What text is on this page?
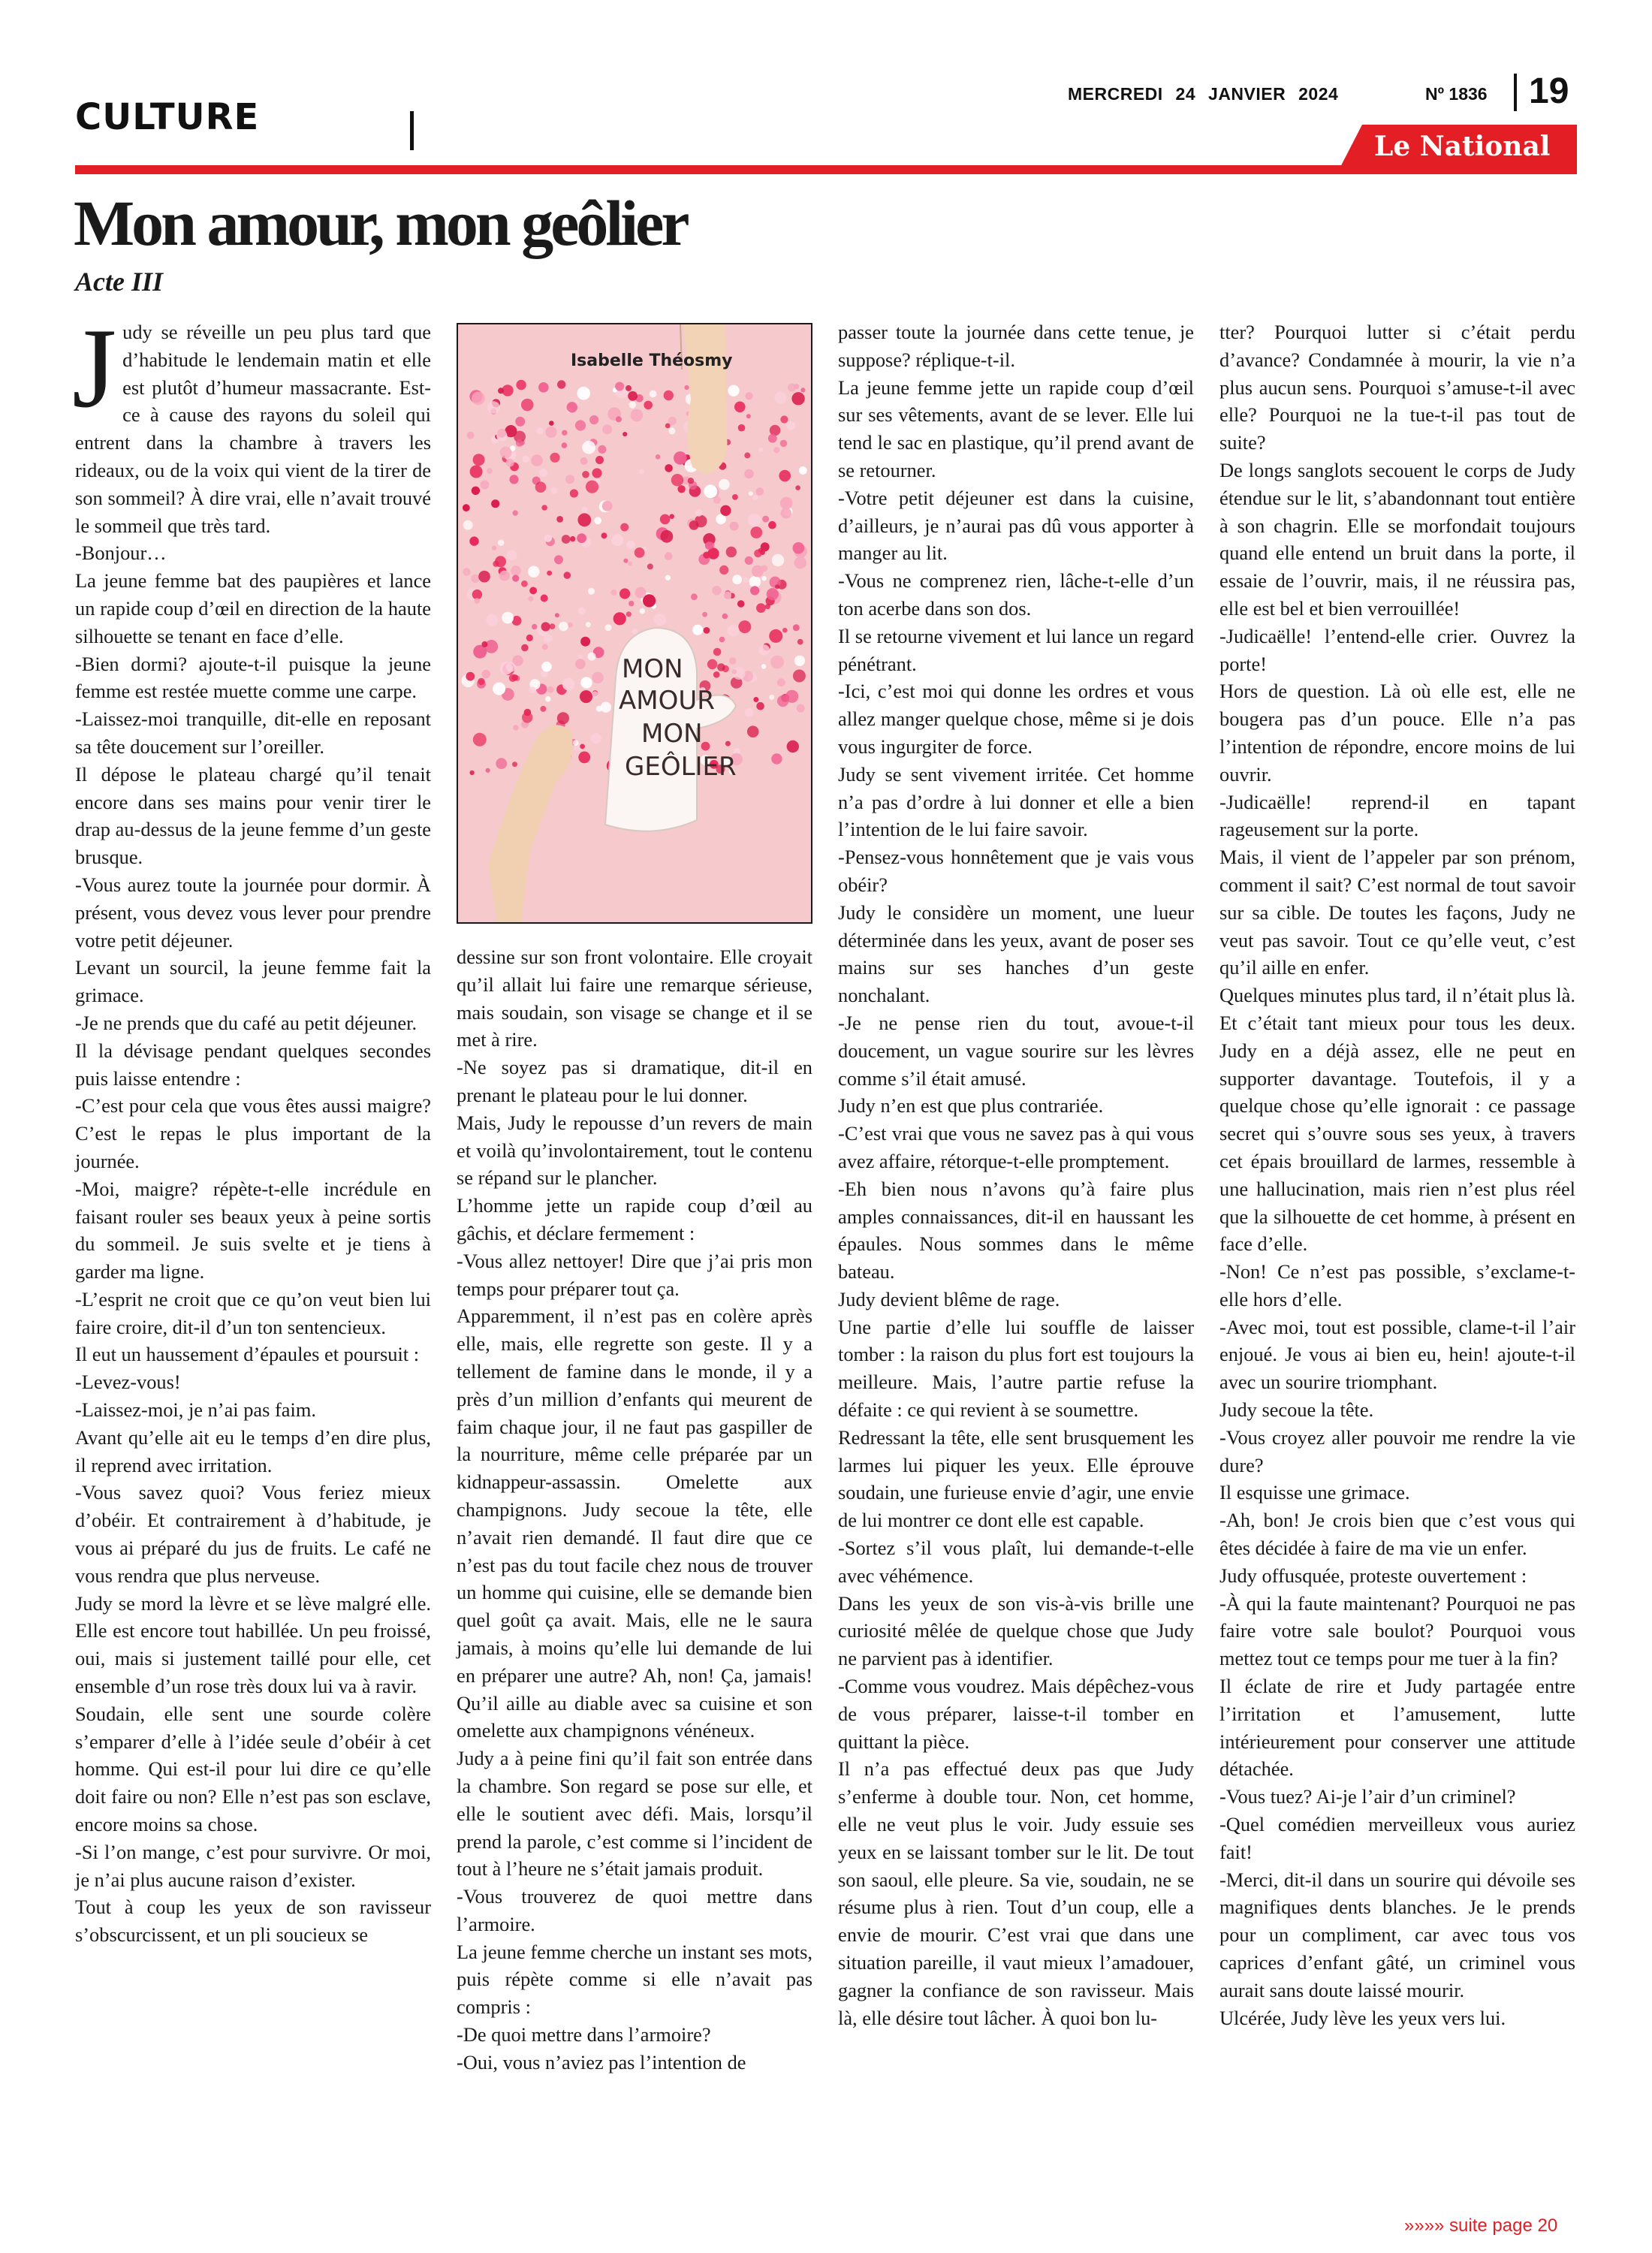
CULTURE
MERCREDI 24 JANVIER 2024	Nº 1836 19
Le National
Mon amour, mon geôlier
Acte III

Judy se réveille un peu plus tard que d’habitude le lendemain matin et elle est plutôt d’humeur massacrante. Est-ce à cause des rayons du soleil qui entrent dans la chambre à travers les rideaux, ou de la voix qui vient de la tirer de son sommeil? À dire vrai, elle n’avait trouvé le sommeil que très tard.

-Bonjour…

La jeune femme bat des paupières et lance un rapide coup d’œil en direction de la haute silhouette se tenant en face d’elle.

-Bien dormi? ajoute-t-il puisque la jeune femme est restée muette comme une carpe.

-Laissez-moi tranquille, dit-elle en reposant sa tête doucement sur l’oreiller.

Il dépose le plateau chargé qu’il tenait encore dans ses mains pour venir tirer le drap au-dessus de la jeune femme d’un geste brusque.

-Vous aurez toute la journée pour dormir. À présent, vous devez vous lever pour prendre votre petit déjeuner.

Levant un sourcil, la jeune femme fait la grimace.

-Je ne prends que du café au petit déjeuner.

Il la dévisage pendant quelques secondes puis laisse entendre :

-C’est pour cela que vous êtes aussi maigre? C’est le repas le plus important de la journée.

-Moi, maigre? répète-t-elle incrédule en faisant rouler ses beaux yeux à peine sortis du sommeil. Je suis svelte et je tiens à garder ma ligne.

-L’esprit ne croit que ce qu’on veut bien lui faire croire, dit-il d’un ton sentencieux.

Il eut un haussement d’épaules et poursuit :

-Levez-vous!

-Laissez-moi, je n’ai pas faim.

Avant qu’elle ait eu le temps d’en dire plus, il reprend avec irritation.

-Vous savez quoi? Vous feriez mieux d’obéir. Et contrairement à d’habitude, je vous ai préparé du jus de fruits. Le café ne vous rendra que plus nerveuse.

Judy se mord la lèvre et se lève malgré elle. Elle est encore tout habillée. Un peu froissé, oui, mais si justement taillé pour elle, cet ensemble d’un rose très doux lui va à ravir.

Soudain, elle sent une sourde colère s’emparer d’elle à l’idée seule d’obéir à cet homme. Qui est-il pour lui dire ce qu’elle doit faire ou non? Elle n’est pas son esclave, encore moins sa chose.

-Si l’on mange, c’est pour survivre. Or moi, je n’ai plus aucune raison d’exister.

Tout à coup les yeux de son ravisseur s’obscurcissent, et un pli soucieux se

MON
AMOUR
MON
GEÔLIER
Isabelle Théosmy

dessine sur son front volontaire. Elle croyait qu’il allait lui faire une remarque sérieuse, mais soudain, son visage se change et il se met à rire.

-Ne soyez pas si dramatique, dit-il en prenant le plateau pour le lui donner.

Mais, Judy le repousse d’un revers de main et voilà qu’involontairement, tout le contenu se répand sur le plancher.

L’homme jette un rapide coup d’œil au gâchis, et déclare fermement :

-Vous allez nettoyer! Dire que j’ai pris mon temps pour préparer tout ça.

Apparemment, il n’est pas en colère après elle, mais, elle regrette son geste. Il y a tellement de famine dans le monde, il y a près d’un million d’enfants qui meurent de faim chaque jour, il ne faut pas gaspiller de la nourriture, même celle préparée par un kidnappeur-assassin. Omelette aux champignons. Judy secoue la tête, elle n’avait rien demandé. Il faut dire que ce n’est pas du tout facile chez nous de trouver un homme qui cuisine, elle se demande bien quel goût ça avait. Mais, elle ne le saura jamais, à moins qu’elle lui demande de lui en préparer une autre? Ah, non! Ça, jamais! Qu’il aille au diable avec sa cuisine et son omelette aux champignons vénéneux.

Judy a à peine fini qu’il fait son entrée dans la chambre. Son regard se pose sur elle, et elle le soutient avec défi. Mais, lorsqu’il prend la parole, c’est comme si l’incident de tout à l’heure ne s’était jamais produit.

-Vous trouverez de quoi mettre dans l’armoire.

La jeune femme cherche un instant ses mots, puis répète comme si elle n’avait pas compris :

-De quoi mettre dans l’armoire?

-Oui, vous n’aviez pas l’intention de

passer toute la journée dans cette tenue, je suppose? réplique-t-il.

La jeune femme jette un rapide coup d’œil sur ses vêtements, avant de se lever. Elle lui tend le sac en plastique, qu’il prend avant de se retourner.

-Votre petit déjeuner est dans la cuisine, d’ailleurs, je n’aurai pas dû vous apporter à manger au lit.

-Vous ne comprenez rien, lâche-t-elle d’un ton acerbe dans son dos.

Il se retourne vivement et lui lance un regard pénétrant.

-Ici, c’est moi qui donne les ordres et vous allez manger quelque chose, même si je dois vous ingurgiter de force.

Judy se sent vivement irritée. Cet homme n’a pas d’ordre à lui donner et elle a bien l’intention de le lui faire savoir.

-Pensez-vous honnêtement que je vais vous obéir?

Judy le considère un moment, une lueur déterminée dans les yeux, avant de poser ses mains sur ses hanches d’un geste nonchalant.

-Je ne pense rien du tout, avoue-t-il doucement, un vague sourire sur les lèvres comme s’il était amusé.

Judy n’en est que plus contrariée.

-C’est vrai que vous ne savez pas à qui vous avez affaire, rétorque-t-elle promptement.

-Eh bien nous n’avons qu’à faire plus amples connaissances, dit-il en haussant les épaules. Nous sommes dans le même bateau.

Judy devient blême de rage.

Une partie d’elle lui souffle de laisser tomber : la raison du plus fort est toujours la meilleure. Mais, l’autre partie refuse la défaite : ce qui revient à se soumettre.

Redressant la tête, elle sent brusquement les larmes lui piquer les yeux. Elle éprouve soudain, une furieuse envie d’agir, une envie de lui montrer ce dont elle est capable.

-Sortez s’il vous plaît, lui demande-t-elle avec véhémence.

Dans les yeux de son vis-à-vis brille une curiosité mêlée de quelque chose que Judy ne parvient pas à identifier.

-Comme vous voudrez. Mais dépêchez-vous de vous préparer, laisse-t-il tomber en quittant la pièce.

Il n’a pas effectué deux pas que Judy s’enferme à double tour. Non, cet homme, elle ne veut plus le voir. Judy essuie ses yeux en se laissant tomber sur le lit. De tout son saoul, elle pleure. Sa vie, soudain, ne se résume plus à rien. Tout d’un coup, elle a envie de mourir. C’est vrai que dans une situation pareille, il vaut mieux l’amadouer, gagner la confiance de son ravisseur. Mais là, elle désire tout lâcher. À quoi bon lu-

tter? Pourquoi lutter si c’était perdu d’avance? Condamnée à mourir, la vie n’a plus aucun sens. Pourquoi s’amuse-t-il avec elle? Pourquoi ne la tue-t-il pas tout de suite?

De longs sanglots secouent le corps de Judy étendue sur le lit, s’abandonnant tout entière à son chagrin. Elle se morfondait toujours quand elle entend un bruit dans la porte, il essaie de l’ouvrir, mais, il ne réussira pas, elle est bel et bien verrouillée!

-Judicaëlle! l’entend-elle crier. Ouvrez la porte!

Hors de question. Là où elle est, elle ne bougera pas d’un pouce. Elle n’a pas l’intention de répondre, encore moins de lui ouvrir.

-Judicaëlle! reprend-il en tapant rageusement sur la porte.

Mais, il vient de l’appeler par son prénom, comment il sait? C’est normal de tout savoir sur sa cible. De toutes les façons, Judy ne veut pas savoir. Tout ce qu’elle veut, c’est qu’il aille en enfer.

Quelques minutes plus tard, il n’était plus là. Et c’était tant mieux pour tous les deux. Judy en a déjà assez, elle ne peut en supporter davantage. Toutefois, il y a quelque chose qu’elle ignorait : ce passage secret qui s’ouvre sous ses yeux, à travers cet épais brouillard de larmes, ressemble à une hallucination, mais rien n’est plus réel que la silhouette de cet homme, à présent en face d’elle.

-Non! Ce n’est pas possible, s’exclame-t-elle hors d’elle.

-Avec moi, tout est possible, clame-t-il l’air enjoué. Je vous ai bien eu, hein! ajoute-t-il avec un sourire triomphant.

Judy secoue la tête.

-Vous croyez aller pouvoir me rendre la vie dure?

Il esquisse une grimace.

-Ah, bon! Je crois bien que c’est vous qui êtes décidée à faire de ma vie un enfer.

Judy offusquée, proteste ouvertement :

-À qui la faute maintenant? Pourquoi ne pas faire votre sale boulot? Pourquoi vous mettez tout ce temps pour me tuer à la fin?

Il éclate de rire et Judy partagée entre l’irritation et l’amusement, lutte intérieurement pour conserver une attitude détachée.

-Vous tuez? Ai-je l’air d’un criminel?

-Quel comédien merveilleux vous auriez fait!

-Merci, dit-il dans un sourire qui dévoile ses magnifiques dents blanches. Je le prends pour un compliment, car avec tous vos caprices d’enfant gâté, un criminel vous aurait sans doute laissé mourir.

Ulcérée, Judy lève les yeux vers lui.

»»»» suite page 20
